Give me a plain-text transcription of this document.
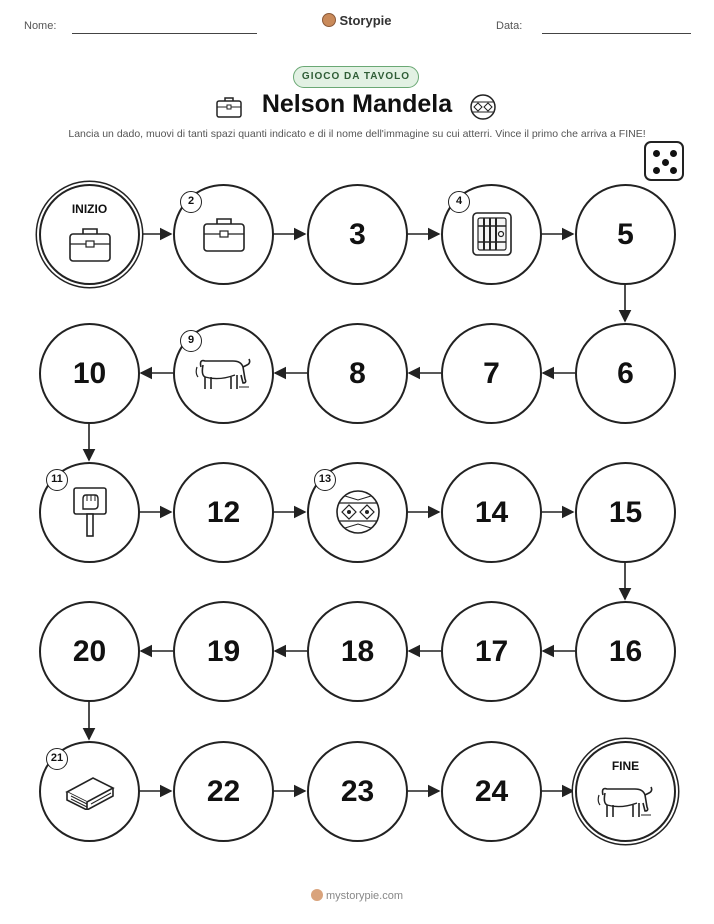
Nome:	Storypie	Data:
GIOCO DA TAVOLO
Nelson Mandela
Lancia un dado, muovi di tanti spazi quanti indicato e di il nome dell'immagine su cui atterri. Vince il primo che arriva a FINE!
INIZIO
2
3
4
5
6
7
8
9
10
11
12
13
14	15
16
17
18
19
20
21
22	23	24
FINE
mystorypie.com
